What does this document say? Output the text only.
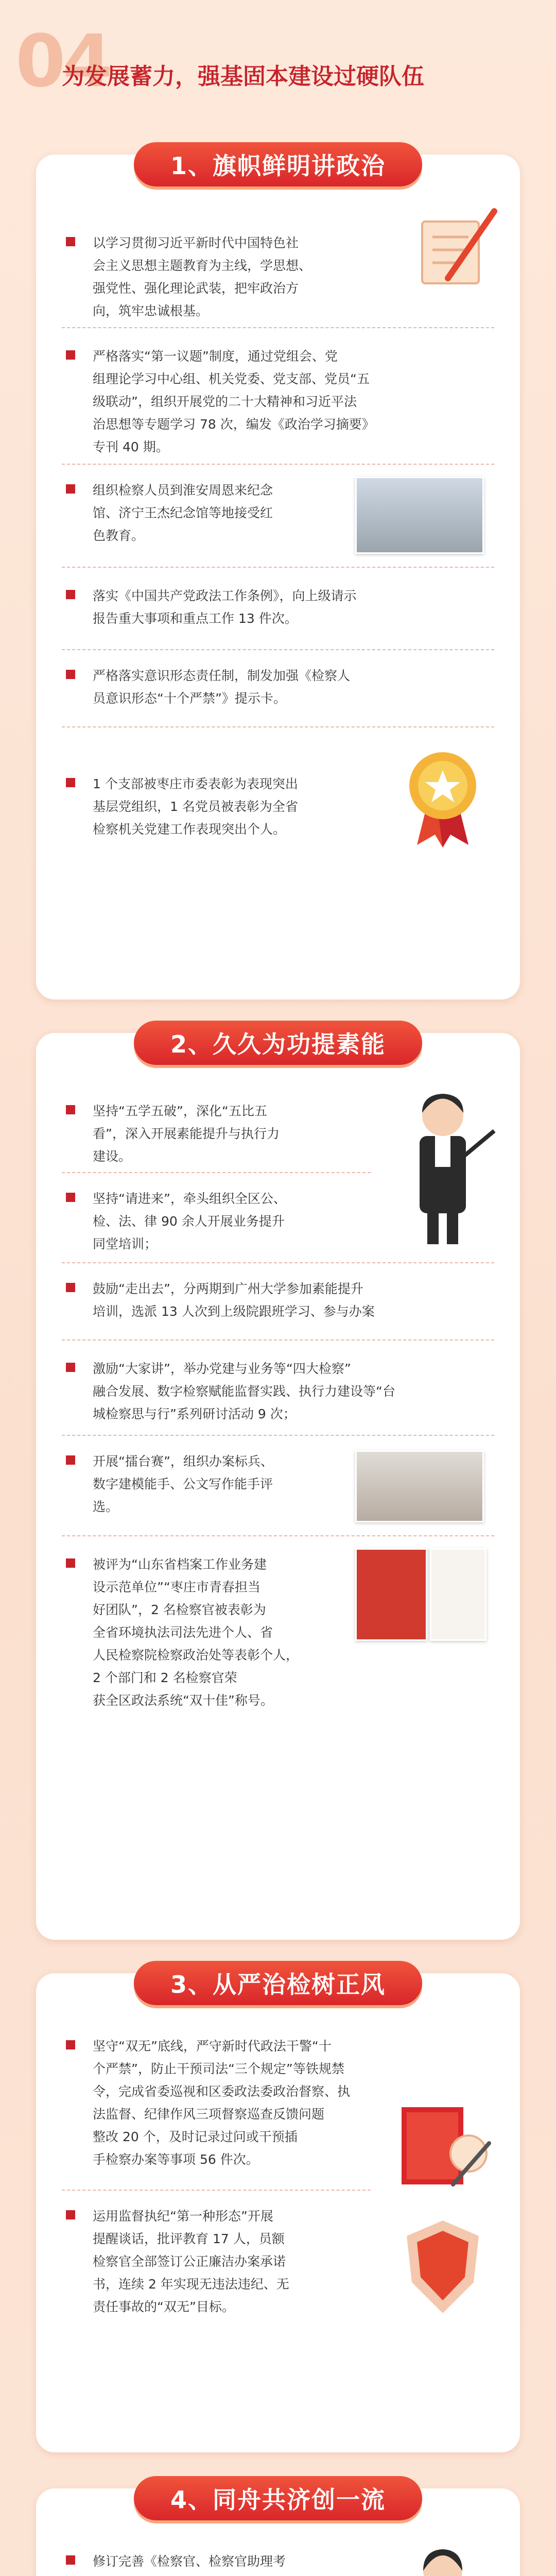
04
为发展蓄力，强基固本建设过硬队伍
1、旗帜鲜明讲政治
以学习贯彻习近平新时代中国特色社
会主义思想主题教育为主线，学思想、
强党性、强化理论武装，把牢政治方
向，筑牢忠诚根基。
严格落实“第一议题”制度，通过党组会、党
组理论学习中心组、机关党委、党支部、党员“五
级联动”，组织开展党的二十大精神和习近平法
治思想等专题学习 78 次，编发《政治学习摘要》
专刊 40 期。
组织检察人员到淮安周恩来纪念
馆、济宁王杰纪念馆等地接受红
色教育。
落实《中国共产党政法工作条例》，向上级请示
报告重大事项和重点工作 13 件次。
严格落实意识形态责任制，制发加强《检察人
员意识形态“十个严禁”》提示卡。
1 个支部被枣庄市委表彰为表现突出
基层党组织，1 名党员被表彰为全省
检察机关党建工作表现突出个人。
2、久久为功提素能
坚持“五学五破”，深化“五比五
看”，深入开展素能提升与执行力
建设。
坚持“请进来”，牵头组织全区公、
检、法、律 90 余人开展业务提升
同堂培训；
鼓励“走出去”，分两期到广州大学参加素能提升
培训，选派 13 人次到上级院跟班学习、参与办案
激励“大家讲”，举办党建与业务等“四大检察”
融合发展、数字检察赋能监督实践、执行力建设等“台
城检察思与行”系列研讨活动 9 次；
开展“擂台赛”，组织办案标兵、
数字建模能手、公文写作能手评
选。
被评为“山东省档案工作业务建
设示范单位”“枣庄市青春担当
好团队”，2 名检察官被表彰为
全省环境执法司法先进个人、省
人民检察院检察政治处等表彰个人，
2 个部门和 2 名检察官荣
获全区政法系统“双十佳”称号。
3、从严治检树正风
坚守“双无”底线，严守新时代政法干警“十
个严禁”，防止干预司法“三个规定”等铁规禁
令，完成省委巡视和区委政法委政治督察、执
法监督、纪律作风三项督察巡查反馈问题
整改 20 个，及时记录过问或干预插
手检察办案等事项 56 件次。
运用监督执纪“第一种形态”开展
提醒谈话，批评教育 17 人，员额
检察官全部签订公正廉洁办案承诺
书，连续 2 年实现无违法违纪、无
责任事故的“双无”目标。
4、同舟共济创一流
修订完善《检察官、检察官助理考
